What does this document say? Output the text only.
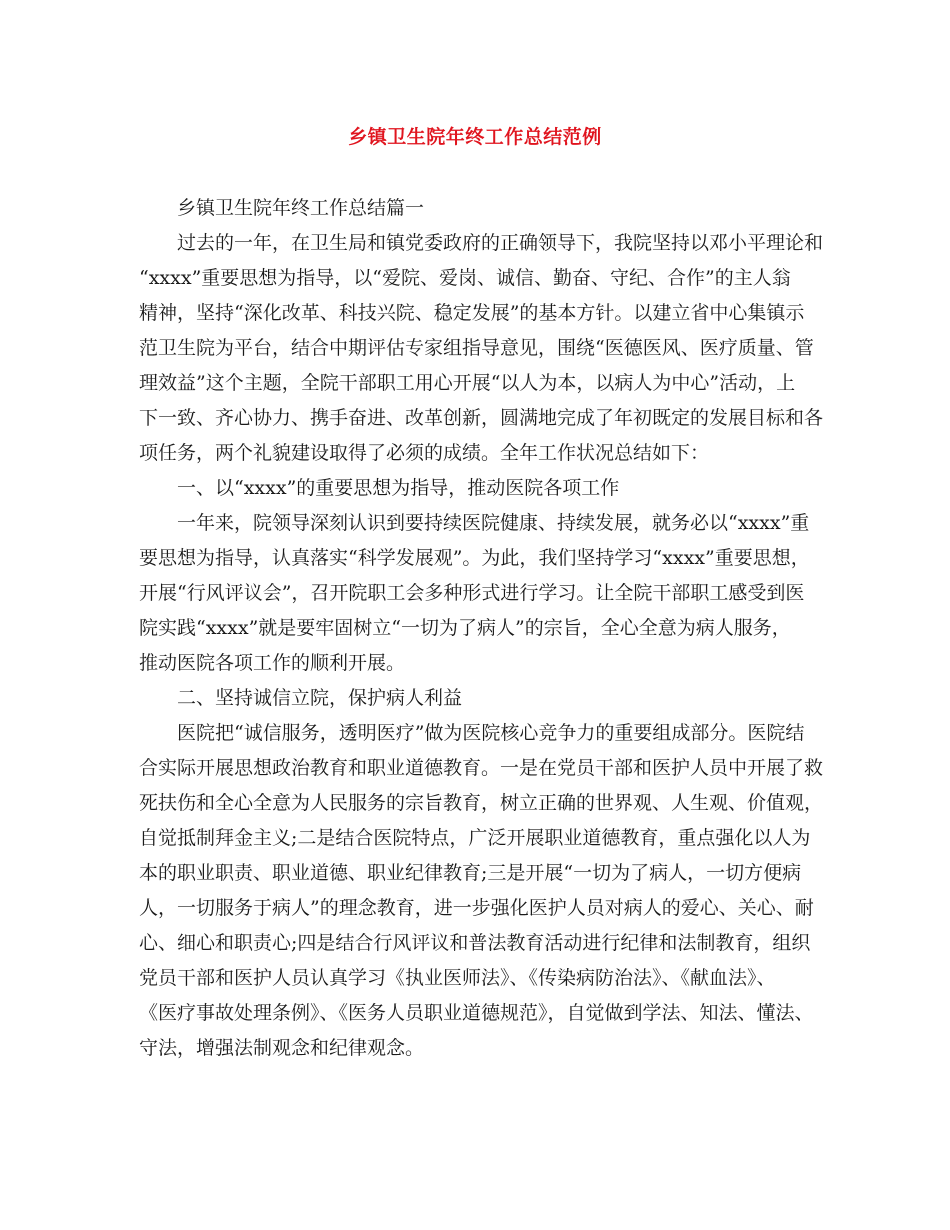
乡镇卫生院年终工作总结范例
乡镇卫生院年终工作总结篇一
过去的一年，在卫生局和镇党委政府的正确领导下，我院坚持以邓小平理论和
“xxxx”重要思想为指导，以“爱院、爱岗、诚信、勤奋、守纪、合作”的主人翁
精神，坚持“深化改革、科技兴院、稳定发展”的基本方针。以建立省中心集镇示
范卫生院为平台，结合中期评估专家组指导意见，围绕“医德医风、医疗质量、管
理效益”这个主题，全院干部职工用心开展“以人为本，以病人为中心”活动，上
下一致、齐心协力、携手奋进、改革创新，圆满地完成了年初既定的发展目标和各
项任务，两个礼貌建设取得了必须的成绩。全年工作状况总结如下：
一、以“xxxx”的重要思想为指导，推动医院各项工作
一年来，院领导深刻认识到要持续医院健康、持续发展，就务必以“xxxx”重
要思想为指导，认真落实“科学发展观”。为此，我们坚持学习“xxxx”重要思想，
开展“行风评议会”，召开院职工会多种形式进行学习。让全院干部职工感受到医
院实践“xxxx”就是要牢固树立“一切为了病人”的宗旨，全心全意为病人服务，
推动医院各项工作的顺利开展。
二、坚持诚信立院，保护病人利益
医院把“诚信服务，透明医疗”做为医院核心竞争力的重要组成部分。医院结
合实际开展思想政治教育和职业道德教育。一是在党员干部和医护人员中开展了救
死扶伤和全心全意为人民服务的宗旨教育，树立正确的世界观、人生观、价值观，
自觉抵制拜金主义;二是结合医院特点，广泛开展职业道德教育，重点强化以人为
本的职业职责、职业道德、职业纪律教育;三是开展“一切为了病人，一切方便病
人，一切服务于病人”的理念教育，进一步强化医护人员对病人的爱心、关心、耐
心、细心和职责心;四是结合行风评议和普法教育活动进行纪律和法制教育，组织
党员干部和医护人员认真学习《执业医师法》、《传染病防治法》、《献血法》、
《医疗事故处理条例》、《医务人员职业道德规范》，自觉做到学法、知法、懂法、
守法，增强法制观念和纪律观念。
